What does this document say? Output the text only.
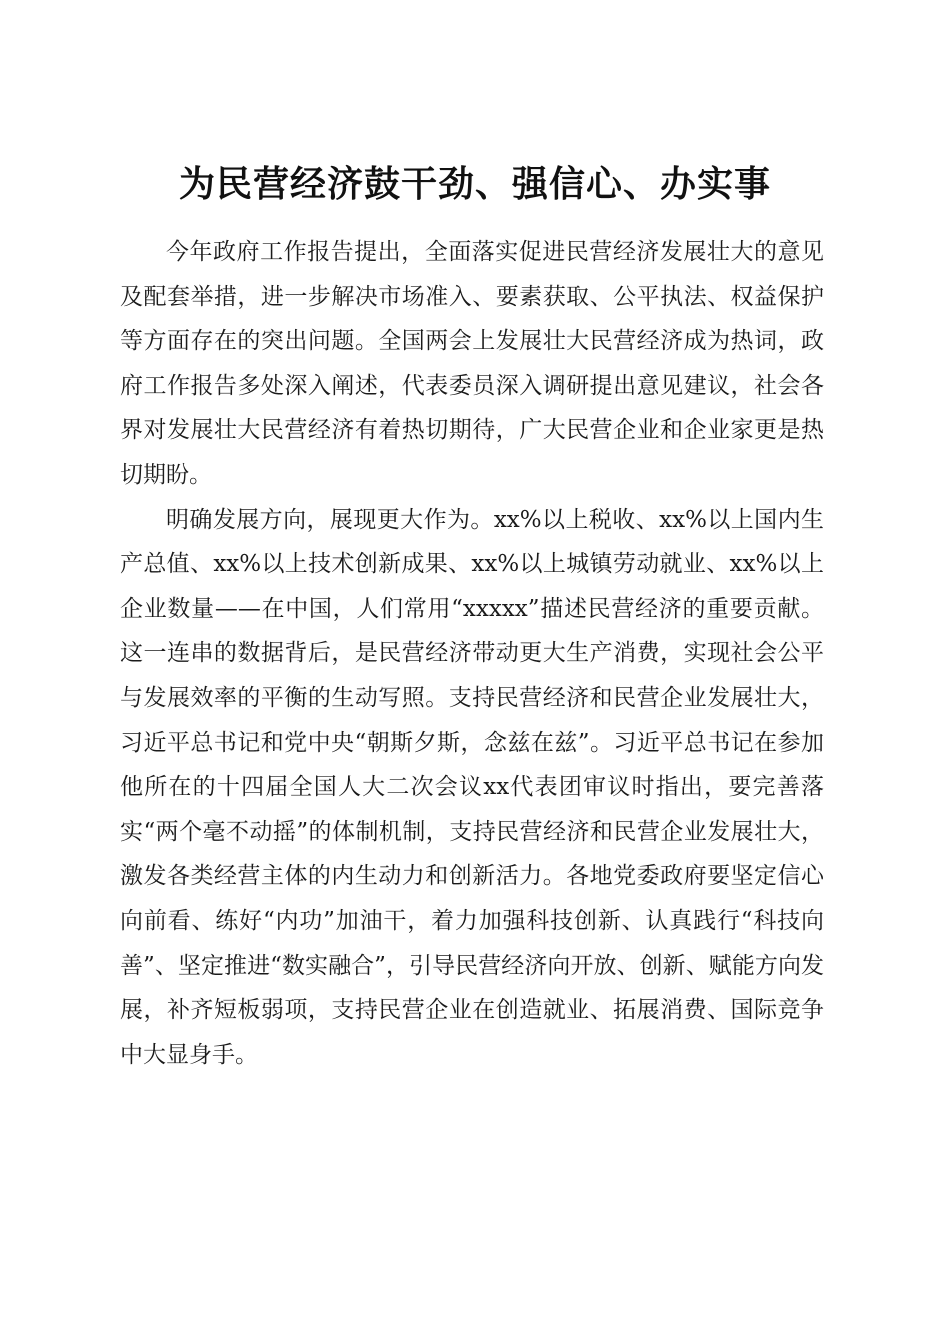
为民营经济鼓干劲、强信心、办实事

今年政府工作报告提出，全面落实促进民营经济发展壮大的意见及配套举措，进一步解决市场准入、要素获取、公平执法、权益保护等方面存在的突出问题。全国两会上发展壮大民营经济成为热词，政府工作报告多处深入阐述，代表委员深入调研提出意见建议，社会各界对发展壮大民营经济有着热切期待，广大民营企业和企业家更是热切期盼。

明确发展方向，展现更大作为。xx%以上税收、xx%以上国内生产总值、xx%以上技术创新成果、xx%以上城镇劳动就业、xx%以上企业数量——在中国，人们常用“xxxxx”描述民营经济的重要贡献。这一连串的数据背后，是民营经济带动更大生产消费，实现社会公平与发展效率的平衡的生动写照。支持民营经济和民营企业发展壮大，习近平总书记和党中央“朝斯夕斯，念兹在兹”。习近平总书记在参加他所在的十四届全国人大二次会议xx代表团审议时指出，要完善落实“两个毫不动摇”的体制机制，支持民营经济和民营企业发展壮大，激发各类经营主体的内生动力和创新活力。各地党委政府要坚定信心向前看、练好“内功”加油干，着力加强科技创新、认真践行“科技向善”、坚定推进“数实融合”，引导民营经济向开放、创新、赋能方向发展，补齐短板弱项，支持民营企业在创造就业、拓展消费、国际竞争中大显身手。
